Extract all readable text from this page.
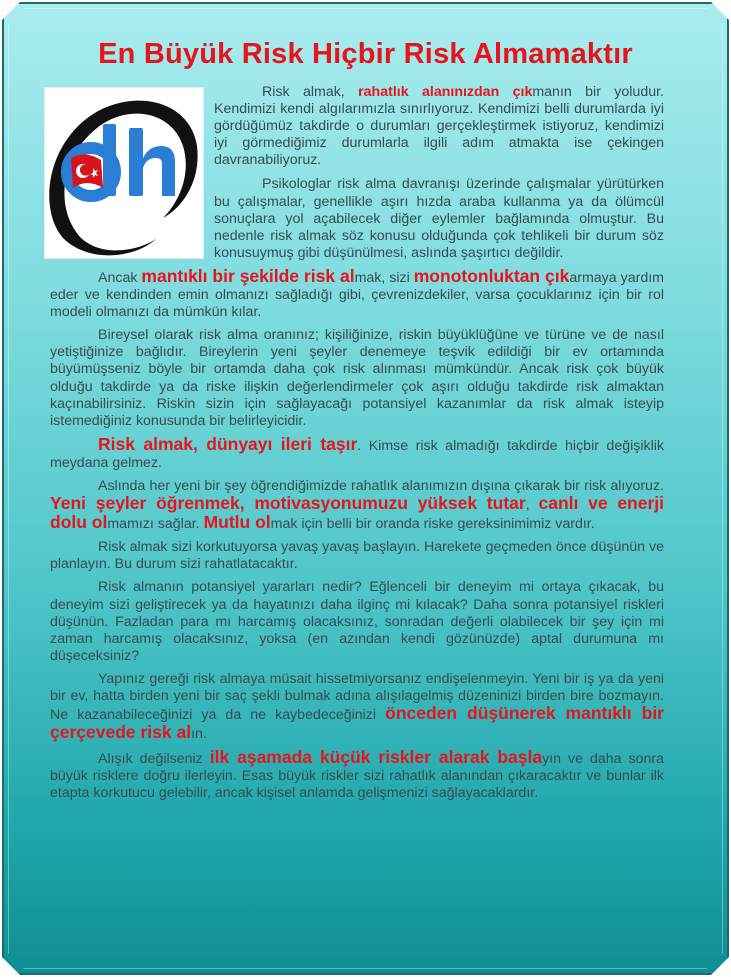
En Büyük Risk Hiçbir Risk Almamaktır

Risk almak, rahatlık alanınızdan çıkmanın bir yoludur. Kendimizi kendi algılarımızla sınırlıyoruz. Kendimizi belli durumlarda iyi gördüğümüz takdirde o durumları gerçekleştirmek istiyoruz, kendimizi iyi görmediğimiz durumlarla ilgili adım atmakta ise çekingen davranabiliyoruz.

Psikologlar risk alma davranışı üzerinde çalışmalar yürütürken bu çalışmalar, genellikle aşırı hızda araba kullanma ya da ölümcül sonuçlara yol açabilecek diğer eylemler bağlamında olmuştur. Bu nedenle risk almak söz konusu olduğunda çok tehlikeli bir durum söz konusuymuş gibi düşünülmesi, aslında şaşırtıcı değildir.

Ancak mantıklı bir şekilde risk almak, sizi monotonluktan çıkarmaya yardım eder ve kendinden emin olmanızı sağladığı gibi, çevrenizdekiler, varsa çocuklarınız için bir rol modeli olmanızı da mümkün kılar.

Bireysel olarak risk alma oranınız; kişiliğinize, riskin büyüklüğüne ve türüne ve de nasıl yetiştiğinize bağlıdır. Bireylerin yeni şeyler denemeye teşvik edildiği bir ev ortamında büyümüşseniz böyle bir ortamda daha çok risk alınması mümkündür. Ancak risk çok büyük olduğu takdirde ya da riske ilişkin değerlendirmeler çok aşırı olduğu takdirde risk almaktan kaçınabilirsiniz. Riskin sizin için sağlayacağı potansiyel kazanımlar da risk almak isteyip istemediğiniz konusunda bir belirleyicidir.

Risk almak, dünyayı ileri taşır. Kimse risk almadığı takdirde hiçbir değişiklik meydana gelmez.

Aslında her yeni bir şey öğrendiğimizde rahatlık alanımızın dışına çıkarak bir risk alıyoruz. Yeni şeyler öğrenmek, motivasyonumuzu yüksek tutar, canlı ve enerji dolu olmamızı sağlar. Mutlu olmak için belli bir oranda riske gereksinimimiz vardır.

Risk almak sizi korkutuyorsa yavaş yavaş başlayın. Harekete geçmeden önce düşünün ve planlayın. Bu durum sizi rahatlatacaktır.

Risk almanın potansiyel yararları nedir? Eğlenceli bir deneyim mi ortaya çıkacak, bu deneyim sizi geliştirecek ya da hayatınızı daha ilginç mi kılacak? Daha sonra potansiyel riskleri düşünün. Fazladan para mı harcamış olacaksınız, sonradan değerli olabilecek bir şey için mi zaman harcamış olacaksınız, yoksa (en azından kendi gözünüzde) aptal durumuna mı düşeceksiniz?

Yapınız gereği risk almaya müsait hissetmiyorsanız endişelenmeyin. Yeni bir iş ya da yeni bir ev, hatta birden yeni bir saç şekli bulmak adına alışılagelmiş düzeninizi birden bire bozmayın. Ne kazanabileceğinizi ya da ne kaybedeceğinizi önceden düşünerek mantıklı bir çerçevede risk alın.

Alışık değilseniz ilk aşamada küçük riskler alarak başlayın ve daha sonra büyük risklere doğru ilerleyin. Esas büyük riskler sizi rahatlık alanından çıkaracaktır ve bunlar ilk etapta korkutucu gelebilir, ancak kişisel anlamda gelişmenizi sağlayacaklardır.
